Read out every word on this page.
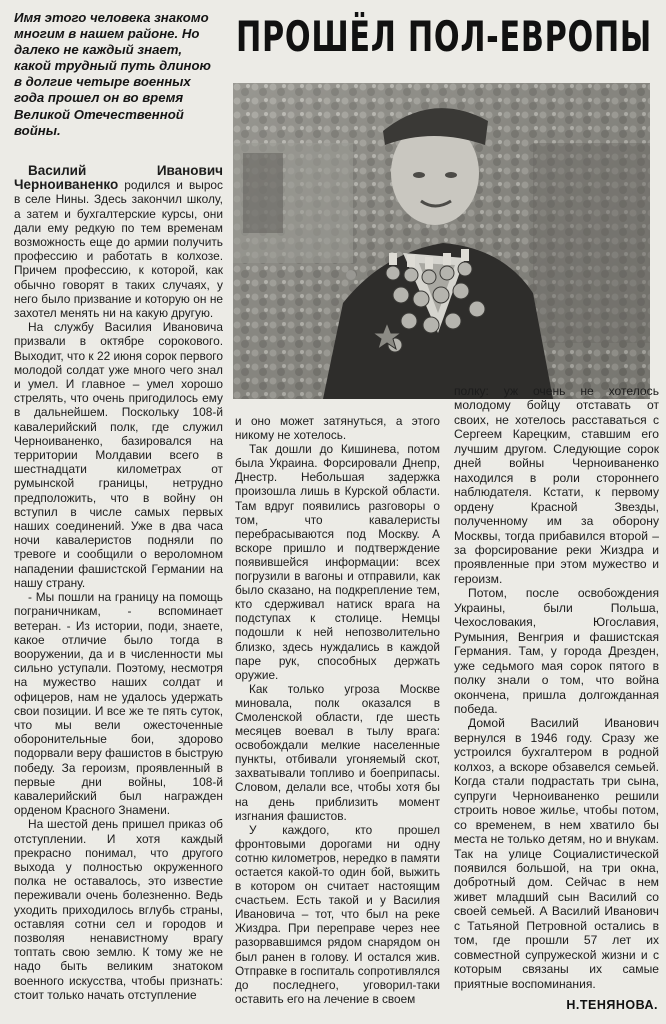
Имя этого человека знакомо многим в нашем районе. Но далеко не каждый знает, какой трудный путь длиною в долгие четыре военных года прошел он во время Великой Отечественной войны.
ПРОШЁЛ ПОЛ-ЕВРОПЫ

Василий Иванович Черноиваненко родился и вырос в селе Нины. Здесь закончил школу, а затем и бухгалтерские курсы, они дали ему редкую по тем временам возможность еще до армии получить профессию и работать в колхозе. Причем профессию, к которой, как обычно говорят в таких случаях, у него было призвание и которую он не захотел менять ни на какую другую.

На службу Василия Ивановича призвали в октябре сорокового. Выходит, что к 22 июня сорок первого молодой солдат уже много чего знал и умел. И главное – умел хорошо стрелять, что очень пригодилось ему в дальнейшем. Поскольку 108-й кавалерийский полк, где служил Черноиваненко, базировался на территории Молдавии всего в шестнадцати километрах от румынской границы, нетрудно предположить, что в войну он вступил в числе самых первых наших соединений. Уже в два часа ночи кавалеристов подняли по тревоге и сообщили о вероломном нападении фашистской Германии на нашу страну.

- Мы пошли на границу на помощь пограничникам, - вспоминает ветеран. - Из истории, поди, знаете, какое отличие было тогда в вооружении, да и в численности мы сильно уступали. Поэтому, несмотря на мужество наших солдат и офицеров, нам не удалось удержать свои позиции. И все же те пять суток, что мы вели ожесточенные оборонительные бои, здорово подорвали веру фашистов в быструю победу. За героизм, проявленный в первые дни войны, 108-й кавалерийский был награжден орденом Красного Знамени.

На шестой день пришел приказ об отступлении. И хотя каждый прекрасно понимал, что другого выхода у полностью окруженного полка не оставалось, это известие переживали очень болезненно. Ведь уходить приходилось вглубь страны, оставляя сотни сел и городов и позволяя ненавистному врагу топтать свою землю. К тому же не надо быть великим знатоком военного искусства, чтобы признать: стоит только начать отступление

и оно может затянуться, а этого никому не хотелось.

Так дошли до Кишинева, потом была Украина. Форсировали Днепр, Днестр. Небольшая задержка произошла лишь в Курской области. Там вдруг появились разговоры о том, что кавалеристы перебрасываются под Москву. А вскоре пришло и подтверждение появившейся информации: всех погрузили в вагоны и отправили, как было сказано, на подкрепление тем, кто сдерживал натиск врага на подступах к столице. Немцы подошли к ней непозволительно близко, здесь нуждались в каждой паре рук, способных держать оружие.

Как только угроза Москве миновала, полк оказался в Смоленской области, где шесть месяцев воевал в тылу врага: освобождали мелкие населенные пункты, отбивали угоняемый скот, захватывали топливо и боеприпасы. Словом, делали все, чтобы хотя бы на день приблизить момент изгнания фашистов.

У каждого, кто прошел фронтовыми дорогами ни одну сотню километров, нередко в памяти остается какой-то один бой, выжить в котором он считает настоящим счастьем. Есть такой и у Василия Ивановича – тот, что был на реке Жиздра. При переправе через нее разорвавшимся рядом снарядом он был ранен в голову. И остался жив. Отправке в госпиталь сопротивлялся до последнего, уговорил-таки оставить его на лечение в своем

полку: уж очень не хотелось молодому бойцу отставать от своих, не хотелось расставаться с Сергеем Карецким, ставшим его лучшим другом. Следующие сорок дней войны Черноиваненко находился в роли стороннего наблюдателя. Кстати, к первому ордену Красной Звезды, полученному им за оборону Москвы, тогда прибавился второй – за форсирование реки Жиздра и проявленные при этом мужество и героизм.

Потом, после освобождения Украины, были Польша, Чехословакия, Югославия, Румыния, Венгрия и фашистская Германия. Там, у города Дрезден, уже седьмого мая сорок пятого в полку знали о том, что война окончена, пришла долгожданная победа.

Домой Василий Иванович вернулся в 1946 году. Сразу же устроился бухгалтером в родной колхоз, а вскоре обзавелся семьей. Когда стали подрастать три сына, супруги Черноиваненко решили строить новое жилье, чтобы потом, со временем, в нем хватило бы места не только детям, но и внукам. Так на улице Социалистической появился большой, на три окна, добротный дом. Сейчас в нем живет младший сын Василий со своей семьей. А Василий Иванович с Татьяной Петровной остались в том, где прошли 57 лет их совместной супружеской жизни и с которым связаны их самые приятные воспоминания.

Н.ТЕНЯНОВА.
